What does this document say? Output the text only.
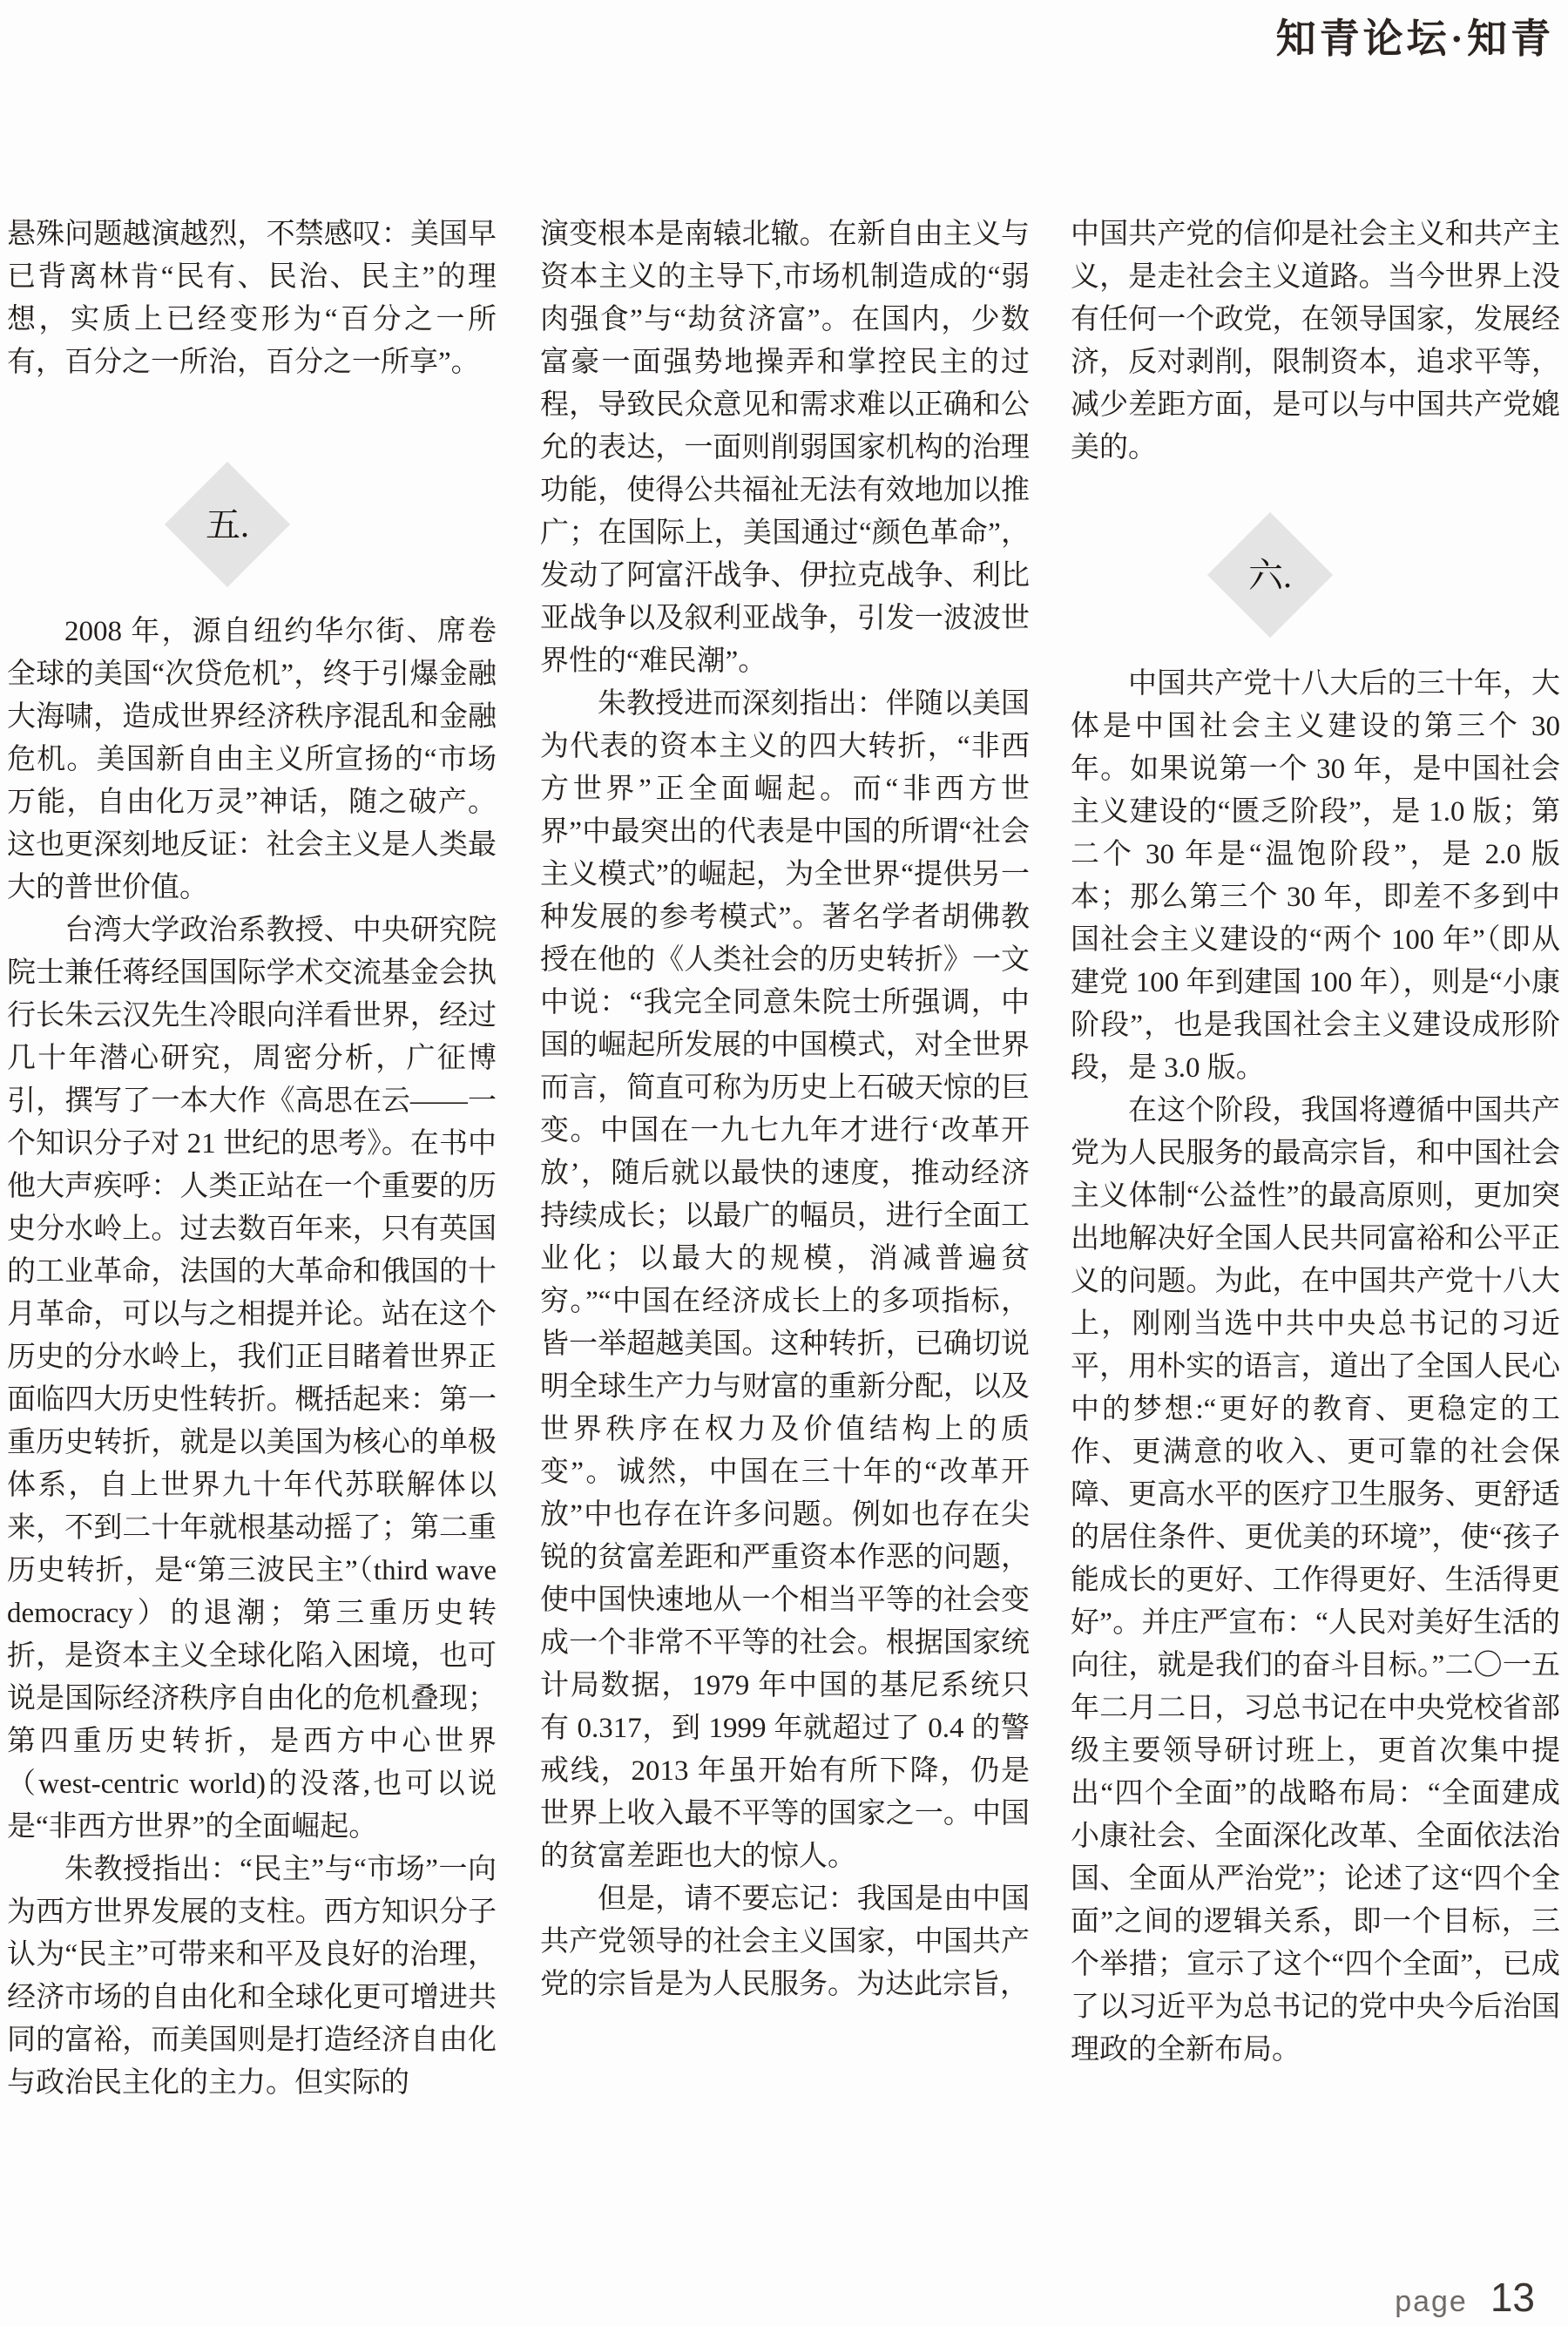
知青论坛·知青

悬殊问题越演越烈，不禁感叹：美国早已背离林肯“民有、民治、民主”的理想，实质上已经变形为“百分之一所有，百分之一所治，百分之一所享”。

五.

2008 年，源自纽约华尔街、席卷全球的美国“次贷危机”，终于引爆金融大海啸，造成世界经济秩序混乱和金融危机。美国新自由主义所宣扬的“市场万能，自由化万灵”神话，随之破产。这也更深刻地反证：社会主义是人类最大的普世价值。

台湾大学政治系教授、中央研究院院士兼任蒋经国国际学术交流基金会执行长朱云汉先生冷眼向洋看世界，经过几十年潜心研究，周密分析，广征博引，撰写了一本大作《高思在云——一个知识分子对 21 世纪的思考》。在书中他大声疾呼：人类正站在一个重要的历史分水岭上。过去数百年来，只有英国的工业革命，法国的大革命和俄国的十月革命，可以与之相提并论。站在这个历史的分水岭上，我们正目睹着世界正面临四大历史性转折。概括起来：第一重历史转折，就是以美国为核心的单极体系，自上世界九十年代苏联解体以来，不到二十年就根基动摇了；第二重历史转折，是“第三波民主”（third wave democracy）的退潮；第三重历史转折，是资本主义全球化陷入困境，也可说是国际经济秩序自由化的危机叠现；第四重历史转折，是西方中心世界（west-centric world)的没落,也可以说是“非西方世界”的全面崛起。

朱教授指出：“民主”与“市场”一向为西方世界发展的支柱。西方知识分子认为“民主”可带来和平及良好的治理，经济市场的自由化和全球化更可增进共同的富裕，而美国则是打造经济自由化与政治民主化的主力。但实际的

演变根本是南辕北辙。在新自由主义与资本主义的主导下,市场机制造成的“弱肉强食”与“劫贫济富”。在国内，少数富豪一面强势地操弄和掌控民主的过程，导致民众意见和需求难以正确和公允的表达，一面则削弱国家机构的治理功能，使得公共福祉无法有效地加以推广；在国际上，美国通过“颜色革命”，发动了阿富汗战争、伊拉克战争、利比亚战争以及叙利亚战争，引发一波波世界性的“难民潮”。

朱教授进而深刻指出：伴随以美国为代表的资本主义的四大转折，“非西方世界”正全面崛起。而“非西方世界”中最突出的代表是中国的所谓“社会主义模式”的崛起，为全世界“提供另一种发展的参考模式”。著名学者胡佛教授在他的《人类社会的历史转折》一文中说：“我完全同意朱院士所强调，中国的崛起所发展的中国模式，对全世界而言，简直可称为历史上石破天惊的巨变。中国在一九七九年才进行‘改革开放’，随后就以最快的速度，推动经济持续成长；以最广的幅员，进行全面工业化；以最大的规模，消减普遍贫穷。”“中国在经济成长上的多项指标，皆一举超越美国。这种转折，已确切说明全球生产力与财富的重新分配，以及世界秩序在权力及价值结构上的质变”。诚然，中国在三十年的“改革开放”中也存在许多问题。例如也存在尖锐的贫富差距和严重资本作恶的问题，使中国快速地从一个相当平等的社会变成一个非常不平等的社会。根据国家统计局数据，1979 年中国的基尼系统只有 0.317，到 1999 年就超过了 0.4 的警戒线，2013 年虽开始有所下降，仍是世界上收入最不平等的国家之一。中国的贫富差距也大的惊人。

但是，请不要忘记：我国是由中国共产党领导的社会主义国家，中国共产党的宗旨是为人民服务。为达此宗旨，

中国共产党的信仰是社会主义和共产主义，是走社会主义道路。当今世界上没有任何一个政党，在领导国家，发展经济，反对剥削，限制资本，追求平等，减少差距方面，是可以与中国共产党媲美的。

六.

中国共产党十八大后的三十年，大体是中国社会主义建设的第三个 30 年。如果说第一个 30 年，是中国社会主义建设的“匮乏阶段”，是 1.0 版；第二个 30 年是“温饱阶段”，是 2.0 版本；那么第三个 30 年，即差不多到中国社会主义建设的“两个 100 年”（即从建党 100 年到建国 100 年），则是“小康阶段”，也是我国社会主义建设成形阶段，是 3.0 版。

在这个阶段，我国将遵循中国共产党为人民服务的最高宗旨，和中国社会主义体制“公益性”的最高原则，更加突出地解决好全国人民共同富裕和公平正义的问题。为此，在中国共产党十八大上，刚刚当选中共中央总书记的习近平，用朴实的语言，道出了全国人民心中的梦想:“更好的教育、更稳定的工作、更满意的收入、更可靠的社会保障、更高水平的医疗卫生服务、更舒适的居住条件、更优美的环境”，使“孩子能成长的更好、工作得更好、生活得更好”。并庄严宣布：“人民对美好生活的向往，就是我们的奋斗目标。”二〇一五年二月二日，习总书记在中央党校省部级主要领导研讨班上，更首次集中提出“四个全面”的战略布局：“全面建成小康社会、全面深化改革、全面依法治国、全面从严治党”；论述了这“四个全面”之间的逻辑关系，即一个目标，三个举措；宣示了这个“四个全面”，已成了以习近平为总书记的党中央今后治国理政的全新布局。

page 13
